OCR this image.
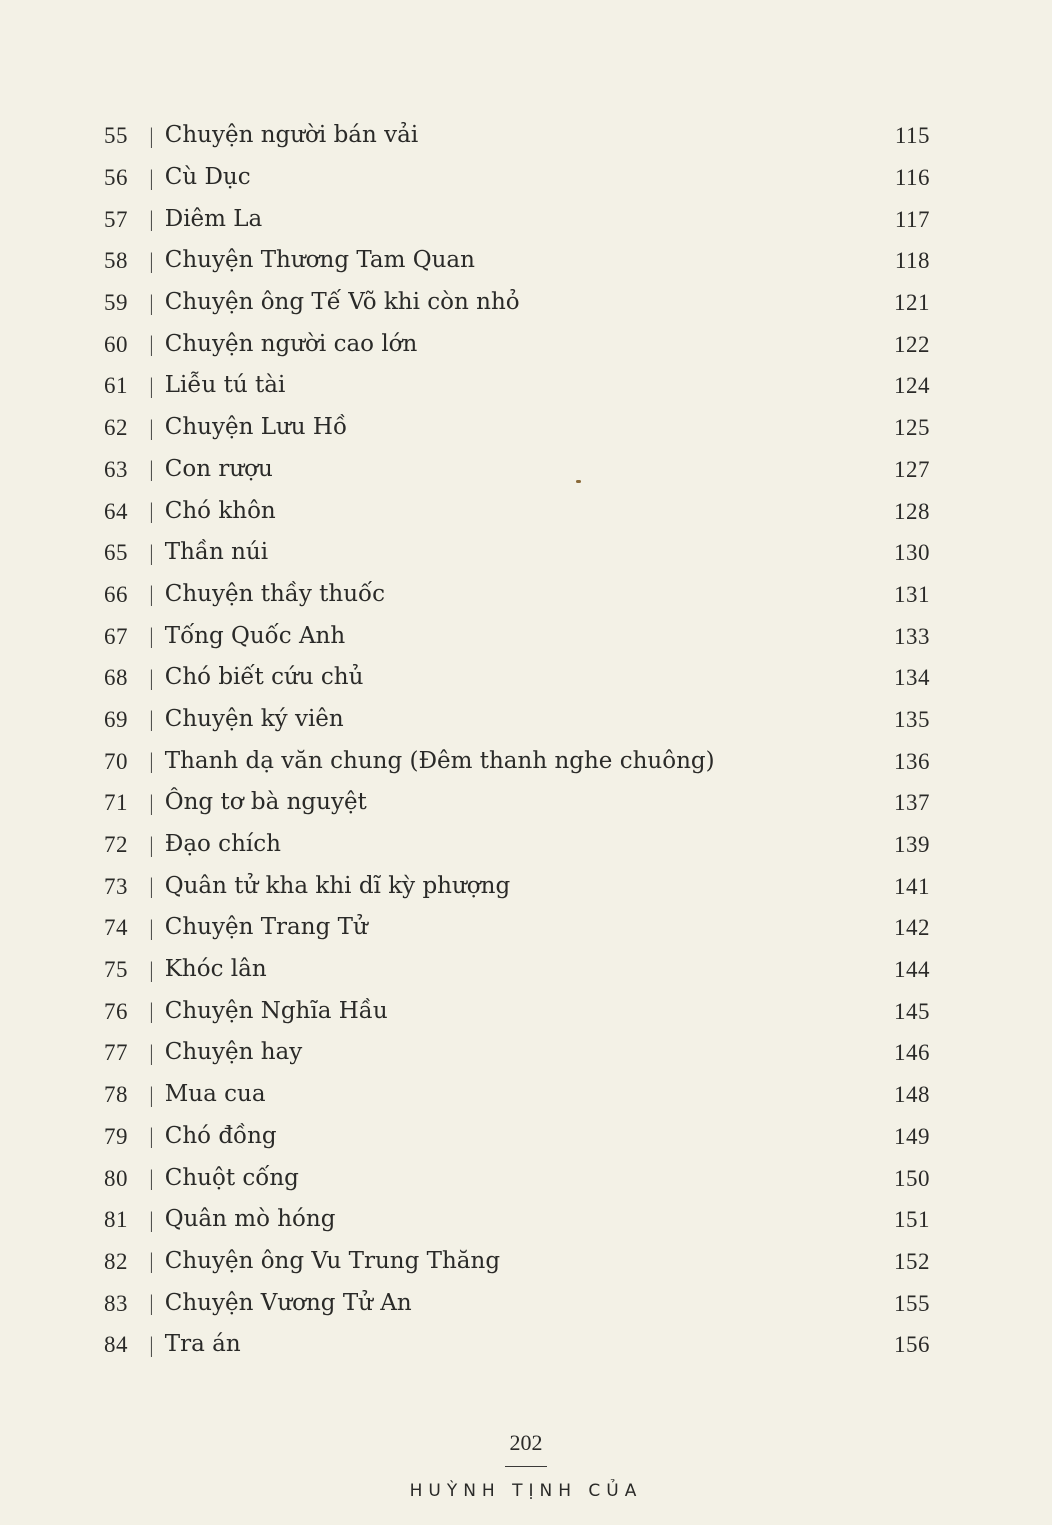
55	| Chuyện người bán vải	115
56	| Cù Dục	116
57	| Diêm La	117
58	| Chuyện Thương Tam Quan	118
59	| Chuyện ông Tế Võ khi còn nhỏ	121
60	| Chuyện người cao lớn	122
61	| Liễu tú tài	124
62	| Chuyện Lưu Hồ	125
63	| Con rượu	127
64	| Chó khôn	128
65	| Thần núi	130
66	| Chuyện thầy thuốc	131
67	| Tống Quốc Anh	133
68	| Chó biết cứu chủ	134
69	| Chuyện ký viên	135
70	| Thanh dạ văn chung (Đêm thanh nghe chuông)	136
71	| Ông tơ bà nguyệt	137
72	| Đạo chích	139
73	| Quân tử kha khi dĩ kỳ phượng	141
74	| Chuyện Trang Tử	142
75	| Khóc lân	144
76	| Chuyện Nghĩa Hầu	145
77	| Chuyện hay	146
78	| Mua cua	148
79	| Chó đồng	149
80	| Chuột cống	150
81	| Quân mò hóng	151
82	| Chuyện ông Vu Trung Thăng	152
83	| Chuyện Vương Tử An	155
84	| Tra án	156
202
HUỲNH TỊNH CỦA
